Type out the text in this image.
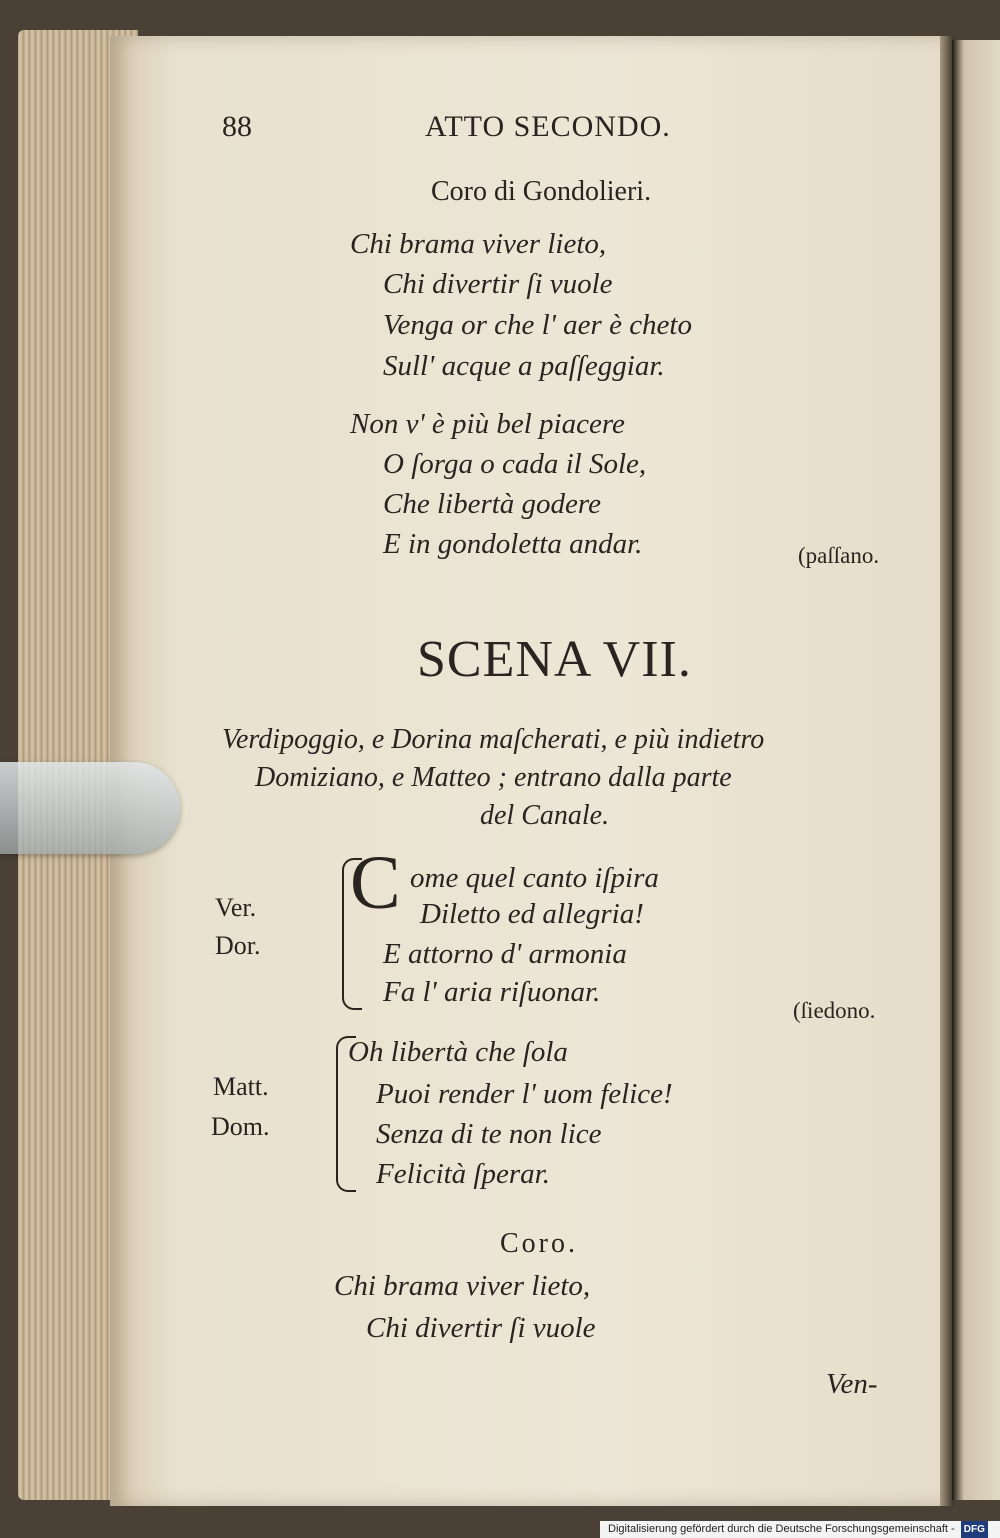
88	ATTO SECONDO.
Coro di Gondolieri.
Chi brama viver lieto,
Chi divertir ſi vuole
Venga or che l' aer è cheto
Sull' acque a paſſeggiar.
Non v' è più bel piacere
O ſorga o cada il Sole,
Che libertà godere
E in gondoletta andar.	(paſſano.
SCENA VII.
Verdipoggio, e Dorina maſcherati, e più indietro
Domiziano, e Matteo ; entrano dalla parte
del Canale.
Ver.
Dor.
C ome quel canto iſpira
Diletto ed allegria!
E attorno d' armonia
Fa l' aria riſuonar.
(ſiedono.
Matt.
Dom.
Oh libertà che ſola
Puoi render l' uom felice!
Senza di te non lice
Felicità ſperar.
Coro.
Chi brama viver lieto,
Chi divertir ſi vuole
Ven-
Digitalisierung gefördert durch die Deutsche Forschungsgemeinschaft - DFG
